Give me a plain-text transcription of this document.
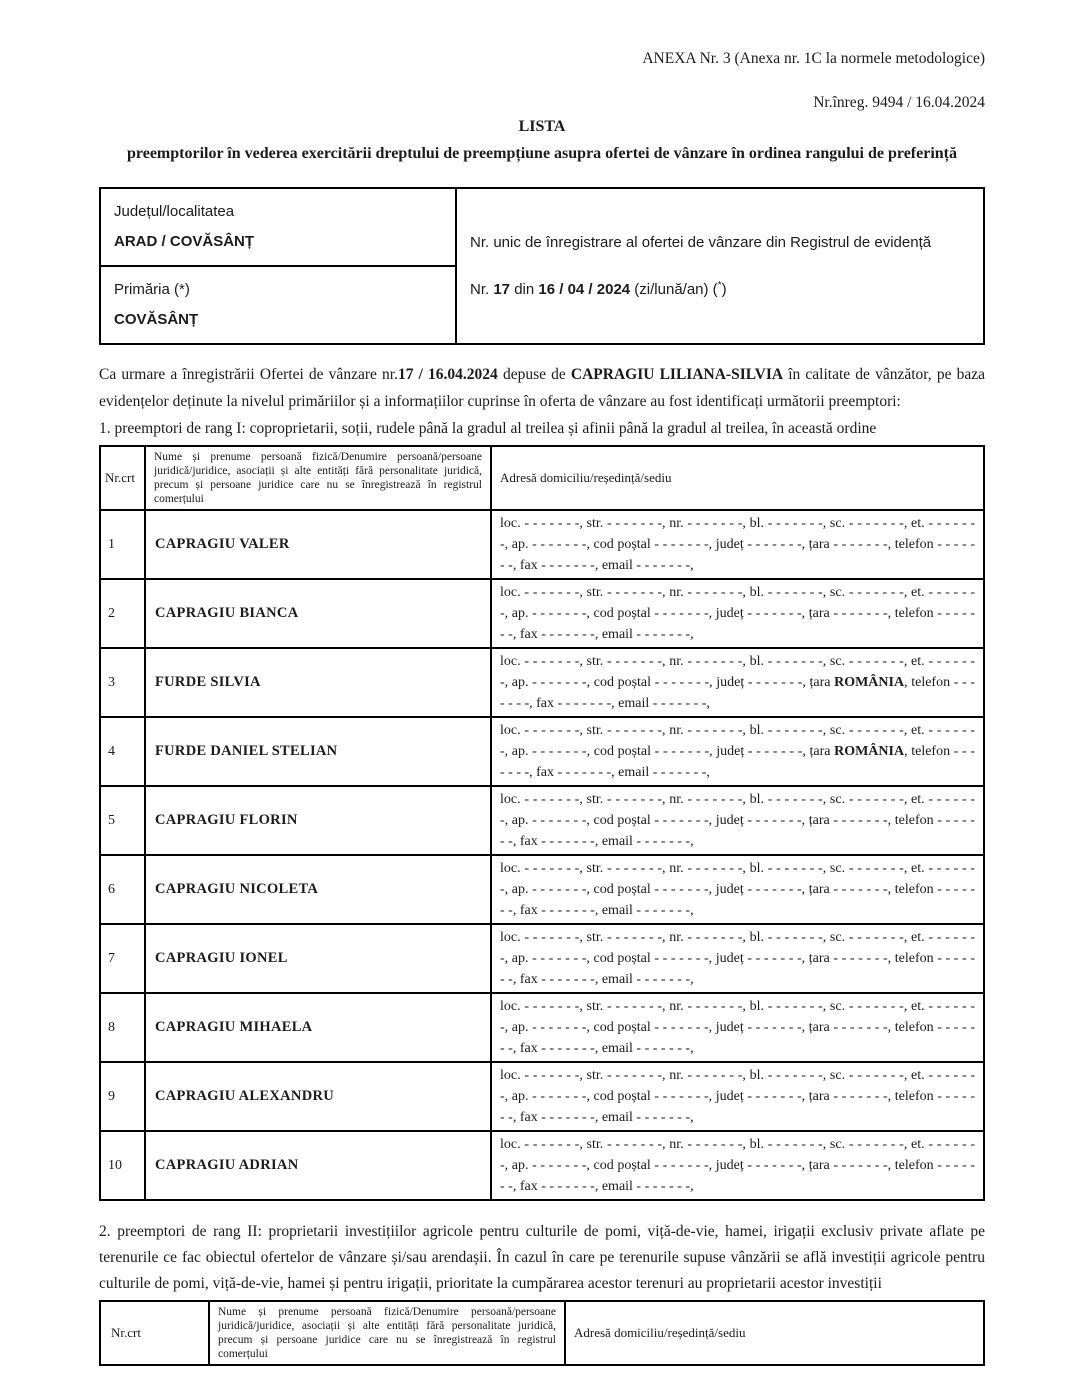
ANEXA Nr. 3 (Anexa nr. 1C la normele metodologice)
Nr.înreg. 9494 / 16.04.2024
LISTA
preemptorilor în vederea exercitării dreptului de preempțiune asupra ofertei de vânzare în ordinea rangului de preferință
Județul/localitatea
ARAD / COVĂSÂNȚ	Nr. unic de înregistrare al ofertei de vânzare din Registrul de evidență
Nr. 17 din 16 / 04 / 2024 (zi/lună/an) (*)

Primăria (*)
COVĂSÂNȚ

Ca urmare a înregistrării Ofertei de vânzare nr.17 / 16.04.2024 depuse de CAPRAGIU LILIANA-SILVIA în calitate de vânzător, pe baza evidențelor deținute la nivelul primăriilor și a informațiilor cuprinse în oferta de vânzare au fost identificați următorii preemptori:

1. preemptori de rang I: coproprietarii, soții, rudele până la gradul al treilea și afinii până la gradul al treilea, în această ordine

Nr.crt	Nume și prenume persoană fizică/Denumire persoană/persoane juridică/juridice, asociații și alte entități fără personalitate juridică, precum și persoane juridice care nu se înregistrează în registrul comerțului	Adresă domiciliu/reședință/sediu
1	CAPRAGIU VALER	loc. - - - - - - -, str. - - - - - - -, nr. - - - - - - -, bl. - - - - - - -, sc. - - - - - - -, et. - - - - - - -, ap. - - - - - - -, cod poștal - - - - - - -, județ - - - - - - -, țara - - - - - - -, telefon - - - - - - -, fax - - - - - - -, email - - - - - - -,
2	CAPRAGIU BIANCA	loc. - - - - - - -, str. - - - - - - -, nr. - - - - - - -, bl. - - - - - - -, sc. - - - - - - -, et. - - - - - - -, ap. - - - - - - -, cod poștal - - - - - - -, județ - - - - - - -, țara - - - - - - -, telefon - - - - - - -, fax - - - - - - -, email - - - - - - -,
3	FURDE SILVIA	loc. - - - - - - -, str. - - - - - - -, nr. - - - - - - -, bl. - - - - - - -, sc. - - - - - - -, et. - - - - - - -, ap. - - - - - - -, cod poștal - - - - - - -, județ - - - - - - -, țara ROMÂNIA, telefon - - - - - - -, fax - - - - - - -, email - - - - - - -,
4	FURDE DANIEL STELIAN	loc. - - - - - - -, str. - - - - - - -, nr. - - - - - - -, bl. - - - - - - -, sc. - - - - - - -, et. - - - - - - -, ap. - - - - - - -, cod poștal - - - - - - -, județ - - - - - - -, țara ROMÂNIA, telefon - - - - - - -, fax - - - - - - -, email - - - - - - -,
5	CAPRAGIU FLORIN	loc. - - - - - - -, str. - - - - - - -, nr. - - - - - - -, bl. - - - - - - -, sc. - - - - - - -, et. - - - - - - -, ap. - - - - - - -, cod poștal - - - - - - -, județ - - - - - - -, țara - - - - - - -, telefon - - - - - - -, fax - - - - - - -, email - - - - - - -,
6	CAPRAGIU NICOLETA	loc. - - - - - - -, str. - - - - - - -, nr. - - - - - - -, bl. - - - - - - -, sc. - - - - - - -, et. - - - - - - -, ap. - - - - - - -, cod poștal - - - - - - -, județ - - - - - - -, țara - - - - - - -, telefon - - - - - - -, fax - - - - - - -, email - - - - - - -,
7	CAPRAGIU IONEL	loc. - - - - - - -, str. - - - - - - -, nr. - - - - - - -, bl. - - - - - - -, sc. - - - - - - -, et. - - - - - - -, ap. - - - - - - -, cod poștal - - - - - - -, județ - - - - - - -, țara - - - - - - -, telefon - - - - - - -, fax - - - - - - -, email - - - - - - -,
8	CAPRAGIU MIHAELA	loc. - - - - - - -, str. - - - - - - -, nr. - - - - - - -, bl. - - - - - - -, sc. - - - - - - -, et. - - - - - - -, ap. - - - - - - -, cod poștal - - - - - - -, județ - - - - - - -, țara - - - - - - -, telefon - - - - - - -, fax - - - - - - -, email - - - - - - -,
9	CAPRAGIU ALEXANDRU	loc. - - - - - - -, str. - - - - - - -, nr. - - - - - - -, bl. - - - - - - -, sc. - - - - - - -, et. - - - - - - -, ap. - - - - - - -, cod poștal - - - - - - -, județ - - - - - - -, țara - - - - - - -, telefon - - - - - - -, fax - - - - - - -, email - - - - - - -,
10	CAPRAGIU ADRIAN	loc. - - - - - - -, str. - - - - - - -, nr. - - - - - - -, bl. - - - - - - -, sc. - - - - - - -, et. - - - - - - -, ap. - - - - - - -, cod poștal - - - - - - -, județ - - - - - - -, țara - - - - - - -, telefon - - - - - - -, fax - - - - - - -, email - - - - - - -,

2. preemptori de rang II: proprietarii investițiilor agricole pentru culturile de pomi, viță-de-vie, hamei, irigații exclusiv private aflate pe terenurile ce fac obiectul ofertelor de vânzare și/sau arendașii. În cazul în care pe terenurile supuse vânzării se află investiții agricole pentru culturile de pomi, viță-de-vie, hamei și pentru irigații, prioritate la cumpărarea acestor terenuri au proprietarii acestor investiții

Nr.crt	Nume și prenume persoană fizică/Denumire persoană/persoane juridică/juridice, asociații și alte entități fără personalitate juridică, precum și persoane juridice care nu se înregistrează în registrul comerțului	Adresă domiciliu/reședință/sediu
